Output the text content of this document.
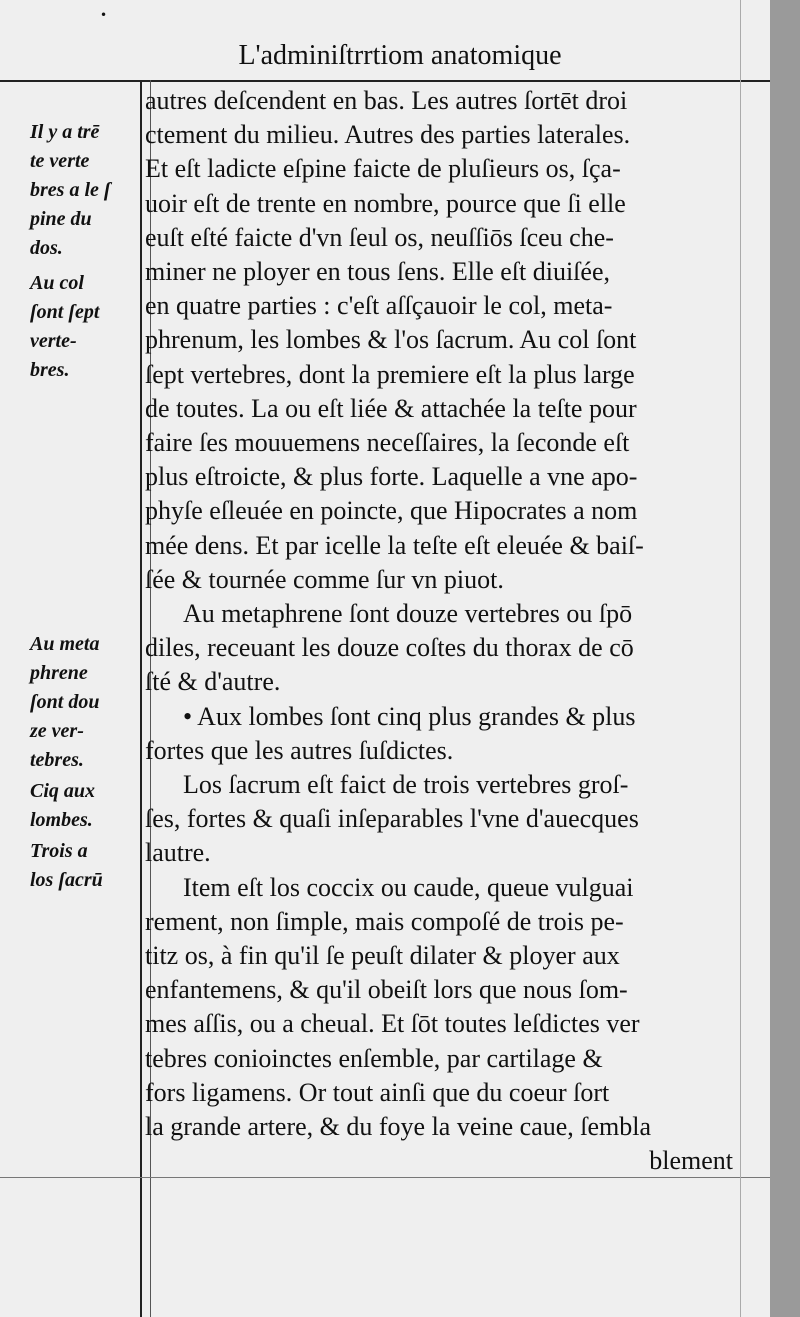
•
L'adminiſtrrtiom anatomique
Il y a trē
te verte
bres a le ſ
pine du
dos.
Au col
ſont ſept
verte-
bres.
Au meta
phrene
ſont dou
ze ver-
tebres.
Ciq aux
lombes.
Trois a
los ſacrū
autres deſcendent en bas. Les autres ſortēt droi
ctement du milieu. Autres des parties laterales.
Et eſt ladicte eſpine faicte de pluſieurs os, ſça-
uoir eſt de trente en nombre, pource que ſi elle
euſt eſté faicte d'vn ſeul os, neuſſiōs ſceu che-
miner ne ployer en tous ſens. Elle eſt diuiſée,
en quatre parties : c'eſt aſſçauoir le col, meta-
phrenum, les lombes & l'os ſacrum. Au col ſont
ſept vertebres, dont la premiere eſt la plus large
de toutes. La ou eſt liée & attachée la teſte pour
faire ſes mouuemens neceſſaires, la ſeconde eſt
plus eſtroicte, & plus forte. Laquelle a vne apo-
phyſe eſleuée en poincte, que Hipocrates a nom
mée dens. Et par icelle la teſte eſt eleuée & baiſ-
ſée & tournée comme ſur vn piuot.
Au metaphrene ſont douze vertebres ou ſpō
diles, receuant les douze coſtes du thorax de cō
ſté & d'autre.
• Aux lombes ſont cinq plus grandes & plus
fortes que les autres ſuſdictes.
Los ſacrum eſt faict de trois vertebres groſ-
ſes, fortes & quaſi inſeparables l'vne d'auecques
lautre.
Item eſt los coccix ou caude, queue vulguai
rement, non ſimple, mais compoſé de trois pe-
titz os, à fin qu'il ſe peuſt dilater & ployer aux
enfantemens, & qu'il obeiſt lors que nous ſom-
mes aſſis, ou a cheual. Et ſōt toutes leſdictes ver
tebres conioinctes enſemble, par cartilage &
fors ligamens. Or tout ainſi que du coeur ſort
la grande artere, & du foye la veine caue, ſembla
blement
